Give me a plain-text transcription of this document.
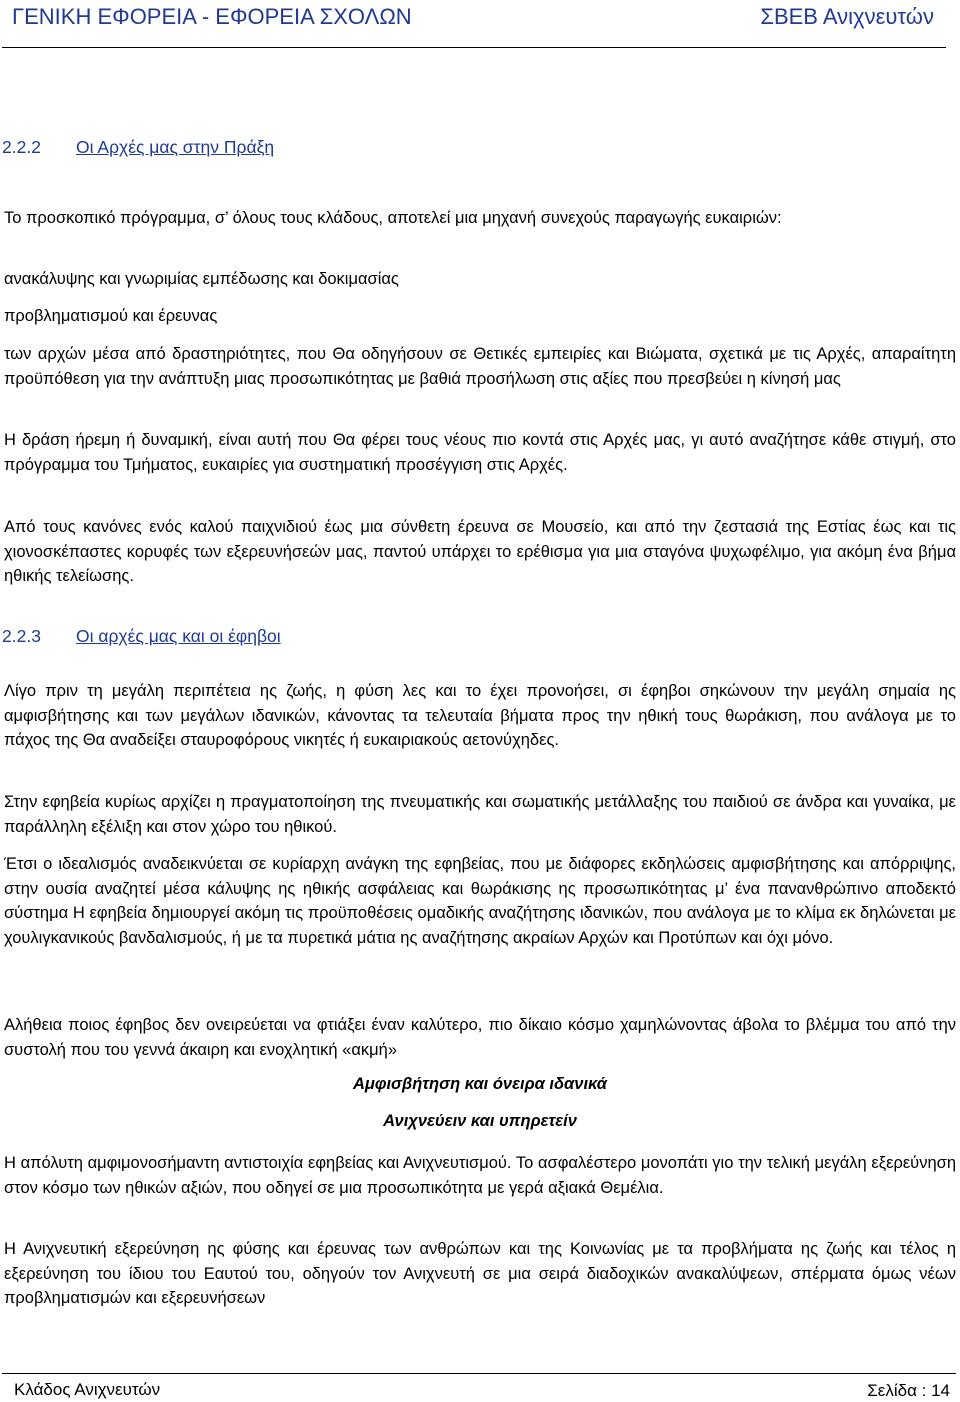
ΓΕΝΙΚΗ ΕΦΟΡΕΙΑ - ΕΦΟΡΕΙΑ ΣΧΟΛΩΝ	ΣΒΕΒ Ανιχνευτών
2.2.2 Οι Αρχές μας στην Πράξη
Το προσκοπικό πρόγραμμα, σ’ όλους τους κλάδους, αποτελεί μια μηχανή συνεχούς παραγωγής ευκαιριών:
ανακάλυψης και γνωριμίας εμπέδωσης και δοκιμασίας
προβληματισμού και έρευνας
των αρχών μέσα από δραστηριότητες, που Θα οδηγήσουν σε Θετικές εμπειρίες και Βιώματα, σχετικά με τις Αρχές, απαραίτητη προϋπόθεση για την ανάπτυξη μιας προσωπικότητας με βαθιά προσήλωση στις αξίες που πρεσβεύει η κίνησή μας
Η δράση ήρεμη ή δυναμική, είναι αυτή που Θα φέρει τους νέους πιο κοντά στις Αρχές μας, γι αυτό αναζήτησε κάθε στιγμή, στο πρόγραμμα του Τμήματος, ευκαιρίες για συστηματική προσέγγιση στις Αρχές.
Από τους κανόνες ενός καλού παιχνιδιού έως μια σύνθετη έρευνα σε Μουσείο, και από την ζεστασιά της Εστίας έως και τις χιονοσκέπαστες κορυφές των εξερευνήσεών μας, παντού υπάρχει το ερέθισμα για μια σταγόνα ψυχωφέλιμο, για ακόμη ένα βήμα ηθικής τελείωσης.
2.2.3 Οι αρχές μας και οι έφηβοι
Λίγο πριν τη μεγάλη περιπέτεια ης ζωής, η φύση λες και το έχει προνοήσει, σι έφηβοι σηκώνουν την μεγάλη σημαία ης αμφισβήτησης και των μεγάλων ιδανικών, κάνοντας τα τελευταία βήματα προς την ηθική τους θωράκιση, που ανάλογα με το πάχος της Θα αναδείξει σταυροφόρους νικητές ή ευκαιριακούς αετονύχηδες.
Στην εφηβεία κυρίως αρχίζει η πραγματοποίηση της πνευματικής και σωματικής μετάλλαξης του παιδιού σε άνδρα και γυναίκα, με παράλληλη εξέλιξη και στον χώρο του ηθικού.
Έτσι ο ιδεαλισμός αναδεικνύεται σε κυρίαρχη ανάγκη της εφηβείας, που με διάφορες εκδηλώσεις αμφισβήτησης και απόρριψης, στην ουσία αναζητεί μέσα κάλυψης ης ηθικής ασφάλειας και θωράκισης ης προσωπικότητας μ’ ένα πανανθρώπινο αποδεκτό σύστημα Η εφηβεία δημιουργεί ακόμη τις προϋποθέσεις ομαδικής αναζήτησης ιδανικών, που ανάλογα με το κλίμα εκ δηλώνεται με χουλιγκανικούς βανδαλισμούς, ή με τα πυρετικά μάτια ης αναζήτησης ακραίων Αρχών και Προτύπων και όχι μόνο.
Αλήθεια ποιος έφηβος δεν ονειρεύεται να φτιάξει έναν καλύτερο, πιο δίκαιο κόσμο χαμηλώνοντας άβολα το βλέμμα του από την συστολή που του γεννά άκαιρη και ενοχλητική «ακμή»
Αμφισβήτηση και όνειρα ιδανικά
Ανιχνεύειν και υπηρετείν
Η απόλυτη αμφιμονοσήμαντη αντιστοιχία εφηβείας και Ανιχνευτισμού. Το ασφαλέστερο μονοπάτι γιο την τελική μεγάλη εξερεύνηση στον κόσμο των ηθικών αξιών, που οδηγεί σε μια προσωπικότητα με γερά αξιακά Θεμέλια.
Η Ανιχνευτική εξερεύνηση ης φύσης και έρευνας των ανθρώπων και της Κοινωνίας με τα προβλήματα ης ζωής και τέλος η εξερεύνηση του ίδιου του Εαυτού του, οδηγούν τον Ανιχνευτή σε μια σειρά διαδοχικών ανακαλύψεων, σπέρματα όμως νέων προβληματισμών και εξερευνήσεων
Κλάδος Ανιχνευτών	Σελίδα : 14
